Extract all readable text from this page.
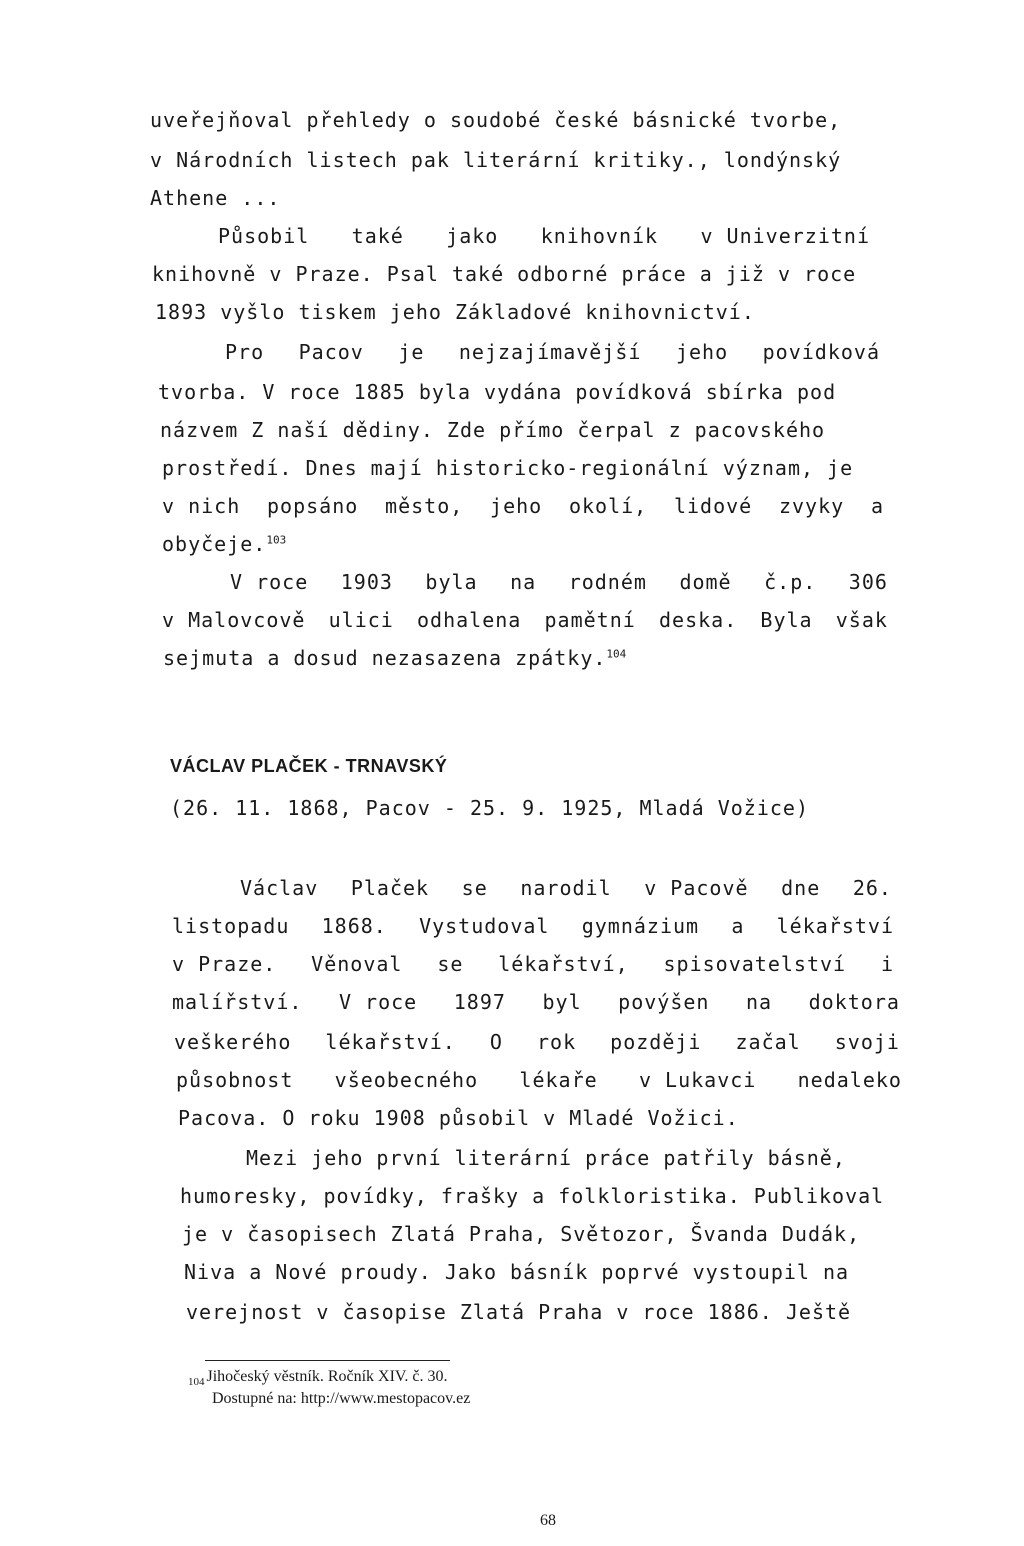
uveřejňoval přehledy o soudobé české básnické tvorbe,
v Národních listech pak literární kritiky., londýnský
Athene ...
Působil také jako knihovník v Univerzitní
knihovně v Praze. Psal také odborné práce a již v roce
1893 vyšlo tiskem jeho Základové knihovnictví.
Pro Pacov je nejzajímavější jeho povídková
tvorba. V roce 1885 byla vydána povídková sbírka pod
názvem Z naší dědiny. Zde přímo čerpal z pacovského
prostředí. Dnes mají historicko-regionální význam, je
v nich popsáno město, jeho okolí, lidové zvyky a
obyčeje.$^{103}$
V roce 1903 byla na rodném domě č.p. 306
v Malovcově ulici odhalena pamětní deska. Byla však
sejmuta a dosud nezasazena zpátky.$^{104}$
VÁCLAV PLAČEK - TRNAVSKÝ
(26. 11. 1868, Pacov - 25. 9. 1925, Mladá Vožice)
Václav Plaček se narodil v Pacově dne 26.
listopadu 1868. Vystudoval gymnázium a lékařství
v Praze. Věnoval se lékařství, spisovatelství i
malířství. V roce 1897 byl povýšen na doktora
veškerého lékařství. O rok později začal svoji
působnost všeobecného lékaře v Lukavci nedaleko
Pacova. O roku 1908 působil v Mladé Vožici.
Mezi jeho první literární práce patřily básně,
humoresky, povídky, frašky a folkloristika. Publikoval
je v časopisech Zlatá Praha, Světozor, Švanda Dudák,
Niva a Nové proudy. Jako básník poprvé vystoupil na
verejnost v časopise Zlatá Praha v roce 1886. Ještě
$_{104}$ Jihočeský věstník. Ročník XIV. č. 30.
Dostupné na: http://www.mestopacov.ez
68
